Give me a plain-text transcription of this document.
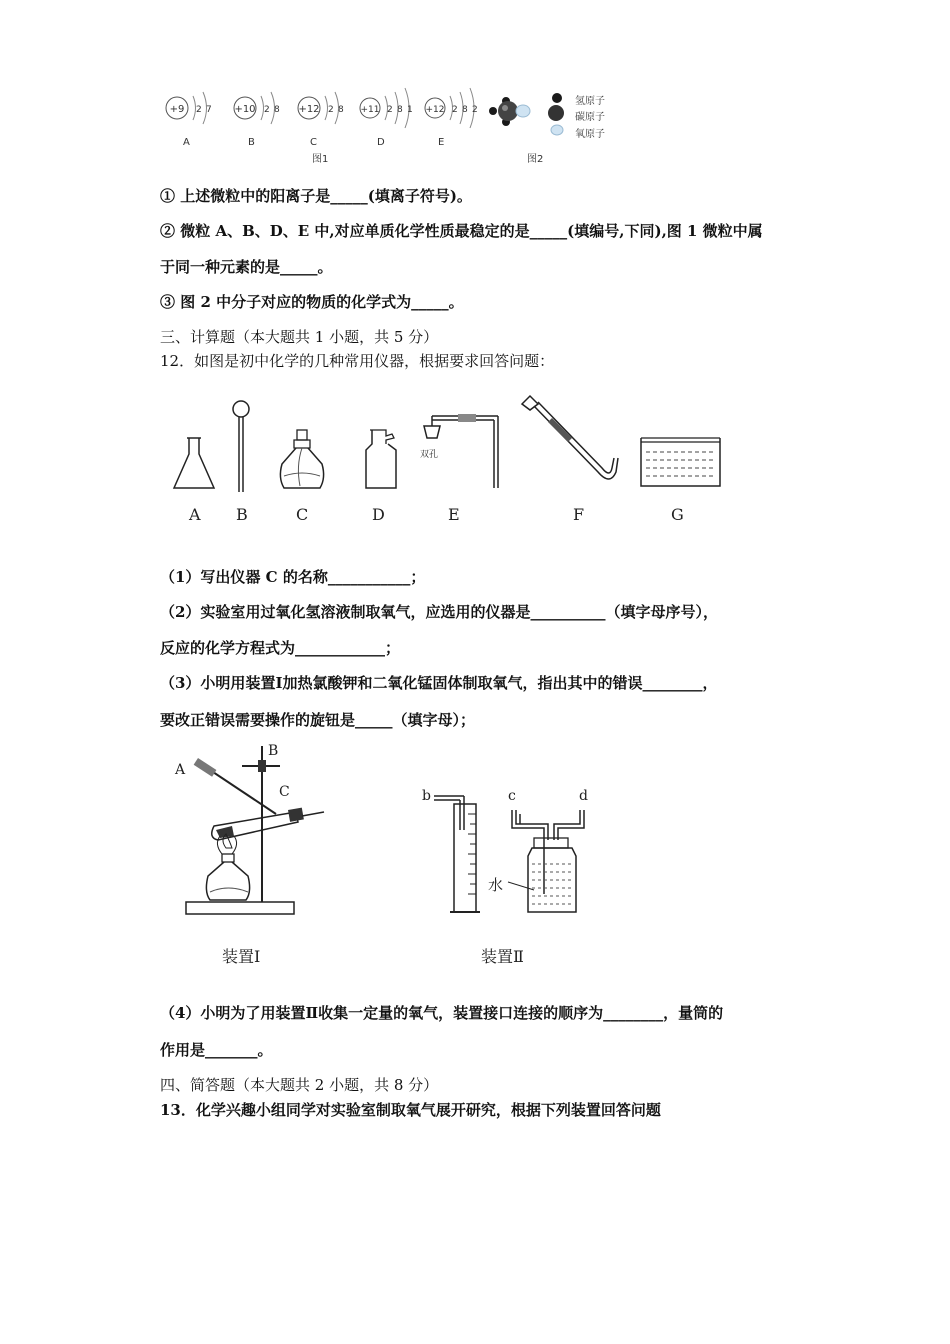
+9 2 7
A
+10 2 8
B
+12 2 8
C
+11 2 8 1
D
+12 2 8 2
E
图1
氢原子
碳原子
氧原子
图2
① 上述微粒中的阳离子是_____(填离子符号)。
② 微粒 A、B、D、E 中,对应单质化学性质最稳定的是_____(填编号,下同),图 1 微粒中属
于同一种元素的是_____。
③ 图 2 中分子对应的物质的化学式为_____。
三、计算题（本大题共 1 小题，共 5 分）
12．如图是初中化学的几种常用仪器，根据要求回答问题：
双孔
A B	C	D	E	F	G
（1）写出仪器 C 的名称___________；
（2）实验室用过氧化氢溶液制取氧气，应选用的仪器是__________（填字母序号），
反应的化学方程式为____________；
（3）小明用装置Ⅰ加热氯酸钾和二氧化锰固体制取氧气，指出其中的错误________，
要改正错误需要操作的旋钮是_____（填字母）；
A
B
C
装置Ⅰ
b	c	d
水
装置Ⅱ
（4）小明为了用装置Ⅱ收集一定量的氧气，装置接口连接的顺序为________，量筒的
作用是_______。
四、简答题（本大题共 2 小题，共 8 分）
13．化学兴趣小组同学对实验室制取氧气展开研究，根据下列装置回答问题
